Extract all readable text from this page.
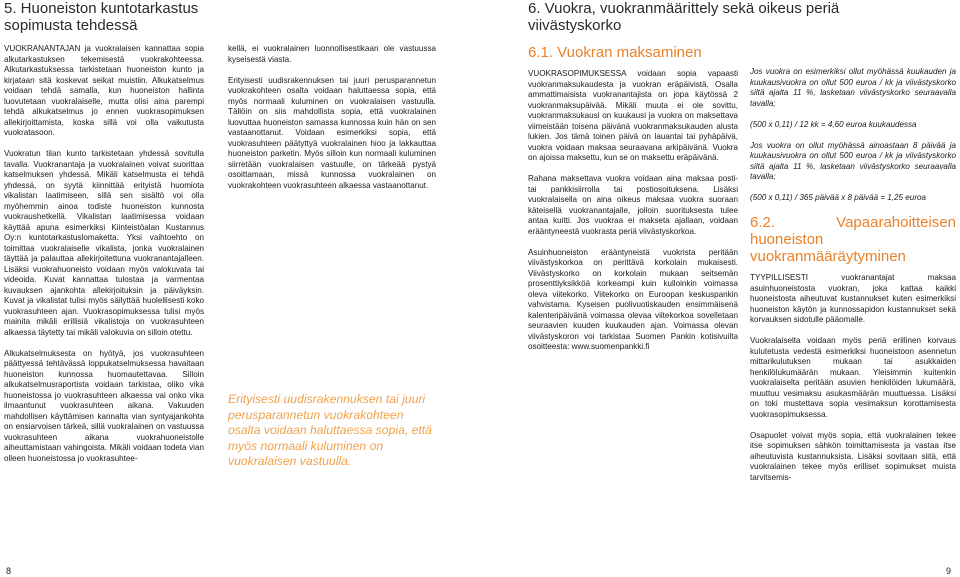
5. Huoneiston kuntotarkastus
sopimusta tehdessä

VUOKRANANTAJAN ja vuokralaisen kannattaa sopia alkutarkastuksen tekemisestä vuokrakohteessa. Alkutarkastuksessa tarkistetaan huoneiston kunto ja kirjataan sitä koskevat seikat muistiin. Alkukatselmus voidaan tehdä samalla, kun huoneiston hallinta luovutetaan vuokralaiselle, mutta olisi aina parempi tehdä alkukatselmus jo ennen vuokrasopimuksen allekirjoittamista, koska sillä voi olla vaikutusta vuokratasoon.

Vuokratun tilan kunto tarkistetaan yhdessä sovitulla tavalla. Vuokranantaja ja vuokralainen voivat suorittaa katselmuksen yhdessä. Mikäli katselmusta ei tehdä yhdessä, on syytä kiinnittää erityistä huomiota vikalistan laatimiseen, sillä sen sisältö voi olla myöhemmin ainoa todiste huoneiston kunnosta vuokraushetkellä. Vikalistan laatimisessa voidaan käyttää apuna esimerkiksi Kiinteistöalan Kustannus Oy:n kuntotarkastuslomaketta. Yksi vaihtoehto on toimittaa vuokralaiselle vikalista, jonka vuokralainen täyttää ja palauttaa allekirjoitettuna vuokranantajalleen. Lisäksi vuokrahuoneisto voidaan myös valokuvata tai videoida. Kuvat kannattaa tulostaa ja varmentaa kuvauksen ajankohta allekirjoituksin ja päiväyksin. Kuvat ja vikalistat tulisi myös säilyttää huolellisesti koko vuokrasuhteen ajan. Vuokrasopimuksessa tulisi myös mainita mikäli erillisiä vikalistoja on vuokrasuhteen alkaessa täytetty tai mikäli valokuvia on silloin otettu.

Alkukatselmuksesta on hyötyä, jos vuokrasuhteen päättyessä tehtävässä loppukatselmuksessa havaitaan huoneiston kunnossa huomautettavaa. Silloin alkukatselmusraportista voidaan tarkistaa, oliko vika huoneistossa jo vuokrasuhteen alkaessa vai onko vika ilmaantunut vuokrasuhteen aikana. Vakuuden mahdollisen käyttämisen kannalta vian syntyajankohta on ensiarvoisen tärkeä, sillä vuokralainen on vastuussa vuokrasuhteen aikana vuokrahuoneistolle aiheuttamistaan vahingoista. Mikäli voidaan todeta vian olleen huoneistossa jo vuokrasuhtee-

kellä, ei vuokralainen luonnollisestikaan ole vastuussa kyseisestä viasta.

Erityisesti uudisrakennuksen tai juuri perusparannetun vuokrakohteen osalta voidaan haluttaessa sopia, että myös normaali kuluminen on vuokralaisen vastuulla. Tällöin on siis mahdollista sopia, että vuokralainen luovuttaa huoneiston samassa kunnossa kuin hän on sen vastaanottanut. Voidaan esimerkiksi sopia, että vuokrasuhteen päätyttyä vuokralainen hioo ja lakkauttaa huoneiston parketin. Myös silloin kun normaali kuluminen siirretään vuokralaisen vastuulle, on tärkeää pystyä osoittamaan, missä kunnossa vuokralainen on vuokrakohteen vuokrasuhteen alkaessa vastaanottanut.

Erityisesti uudisrakennuksen tai juuri perusparannetun vuokrakohteen osalta voidaan haluttaessa sopia, että myös normaali kuluminen on vuokralaisen vastuulla.
8
6. Vuokra, vuokranmäärittely sekä oikeus periä viivästyskorko
6.1. Vuokran maksaminen

VUOKRASOPIMUKSESSA voidaan sopia vapaasti vuokranmaksukaudesta ja vuokran eräpäivistä. Osalla ammattimaisista vuokranantajista on jopa käytössä 2 vuokranmaksupäivää. Mikäli muuta ei ole sovittu, vuokranmaksukausi on kuukausi ja vuokra on maksettava viimeistään toisena päivänä vuokranmaksukauden alusta lukien. Jos tämä toinen päivä on lauantai tai pyhäpäivä, vuokra voidaan maksaa seuraavana arkipäivänä. Vuokra on ajoissa maksettu, kun se on maksettu eräpäivänä.

Rahana maksettava vuokra voidaan aina maksaa posti- tai pankkisiirrolla tai postiosoituksena. Lisäksi vuokralaisella on aina oikeus maksaa vuokra suoraan käteisellä vuokranantajalle, jolloin suorituksesta tulee antaa kuitti. Jos vuokraa ei makseta ajallaan, voidaan erääntyneestä vuokrasta periä viivästyskorkoa.

Asuinhuoneiston erääntyneistä vuokrista peritään viivästyskorkoa on perittävä korkolain mukaisesti. Viivästyskorko on korkolain mukaan seitsemän prosenttiyksikköä korkeampi kuin kulloinkin voimassa oleva viitekorko. Viitekorko on Euroopan keskuspankin vahvistama. Kyseisen puolivuotiskauden ensimmäisenä kalenteripäivänä voimassa olevaa viitekorkoa sovelletaan seuraavien kuuden kuukauden ajan. Voimassa olevan viivästyskoron voi tarkistaa Suomen Pankin kotisivuilta osoitteesta: www.suomenpankki.fi

Jos vuokra on esimerkiksi ollut myöhässä kuukauden ja kuukausivuokra on ollut 500 euroa / kk ja viivästyskorko siltä ajalta 11 %, lasketaan viivästyskorko seuraavalla tavalla;

(500 x 0,11) / 12 kk = 4,60 euroa kuukaudessa

Jos vuokra on ollut myöhässä ainoastaan 8 päivää ja kuukausivuokra on ollut 500 euroa / kk ja viivästyskorko siltä ajalta 11 %, lasketaan viivästyskorko seuraavalla tavalla;

(500 x 0,11) / 365 päivää x 8 päivää = 1,25 euroa

6.2. Vapaarahoitteisen huoneiston
vuokranmääräytyminen

TYYPILLISESTI vuokranantajat maksaa asuinhuoneistosta vuokran, joka kattaa kaikki huoneistosta aiheutuvat kustannukset kuten esimerkiksi huoneiston käytön ja kunnossapidon kustannukset sekä korvauksen sidotulle pääomalle.

Vuokralaiselta voidaan myös periä erillinen korvaus kulutetusta vedestä esimerkiksi huoneistoon asennetun mittarikulutuksen mukaan tai asukkaiden henkilölukumäärän mukaan. Yleisimmin kuitenkin vuokralaiselta peritään asuvien henkilöiden lukumäärä, muuttuu vesimaksu asukasmäärän muuttuessa. Lisäksi on toki mustettava sopia vesimaksun korottamisesta vuokrasopimuksessa.

Osapuolet voivat myös sopia, että vuokralainen tekee itse sopimuksen sähkön toimittamisesta ja vastaa itse aiheutuvista kustannuksista. Lisäksi sovitaan siitä, että vuokralainen tekee myös erilliset sopimukset muista tarvitsemis-

9
